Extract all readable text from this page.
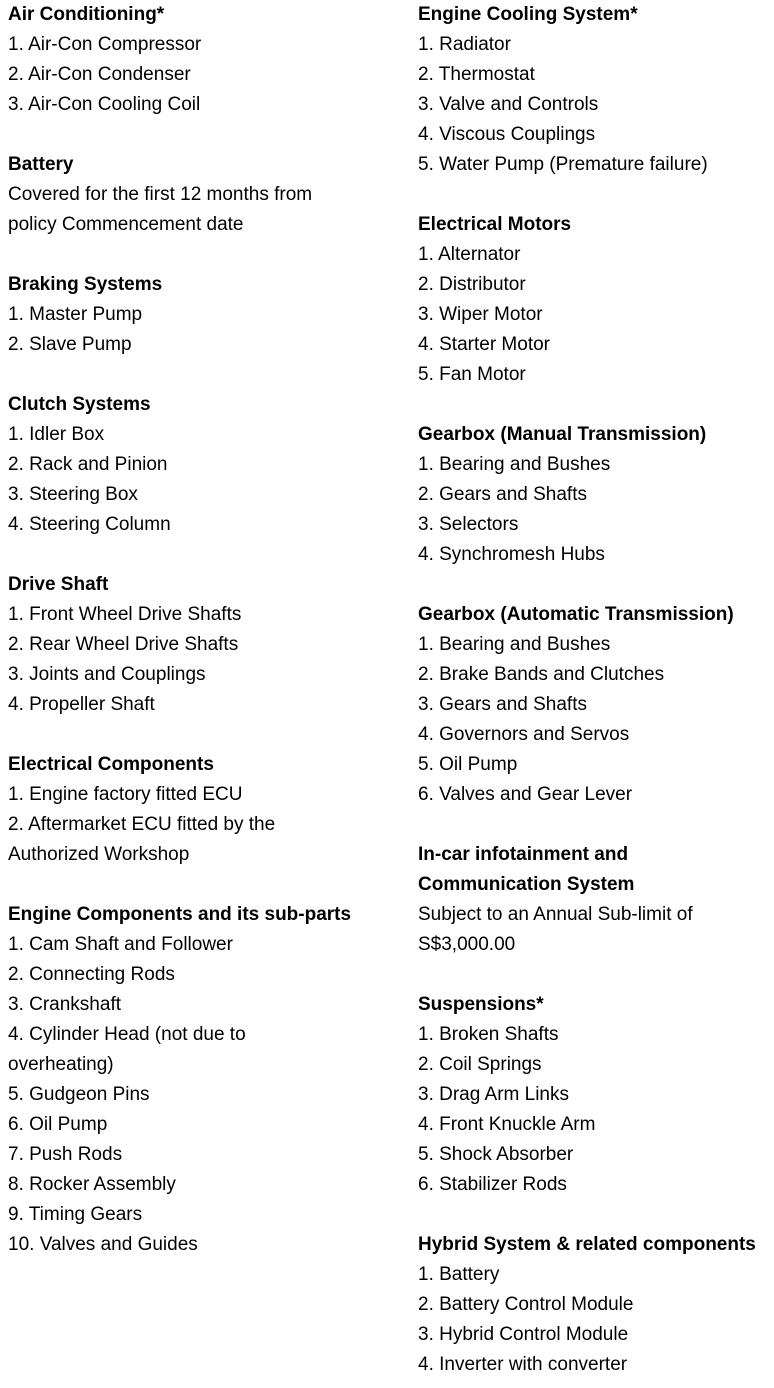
Air Conditioning*
1. Air-Con Compressor
2. Air-Con Condenser
3. Air-Con Cooling Coil
Battery
Covered for the first 12 months from
policy Commencement date
Braking Systems
1. Master Pump
2. Slave Pump
Clutch Systems
1. Idler Box
2. Rack and Pinion
3. Steering Box
4. Steering Column
Drive Shaft
1. Front Wheel Drive Shafts
2. Rear Wheel Drive Shafts
3. Joints and Couplings
4. Propeller Shaft
Electrical Components
1. Engine factory fitted ECU
2. Aftermarket ECU fitted by the
Authorized Workshop
Engine Components and its sub-parts
1. Cam Shaft and Follower
2. Connecting Rods
3. Crankshaft
4. Cylinder Head (not due to
overheating)
5. Gudgeon Pins
6. Oil Pump
7. Push Rods
8. Rocker Assembly
9. Timing Gears
10. Valves and Guides
Engine Cooling System*
1. Radiator
2. Thermostat
3. Valve and Controls
4. Viscous Couplings
5. Water Pump (Premature failure)
Electrical Motors
1. Alternator
2. Distributor
3. Wiper Motor
4. Starter Motor
5. Fan Motor
Gearbox (Manual Transmission)
1. Bearing and Bushes
2. Gears and Shafts
3. Selectors
4. Synchromesh Hubs
Gearbox (Automatic Transmission)
1. Bearing and Bushes
2. Brake Bands and Clutches
3. Gears and Shafts
4. Governors and Servos
5. Oil Pump
6. Valves and Gear Lever
In-car infotainment and
Communication System
Subject to an Annual Sub-limit of
S$3,000.00
Suspensions*
1. Broken Shafts
2. Coil Springs
3. Drag Arm Links
4. Front Knuckle Arm
5. Shock Absorber
6. Stabilizer Rods
Hybrid System & related components
1. Battery
2. Battery Control Module
3. Hybrid Control Module
4. Inverter with converter
